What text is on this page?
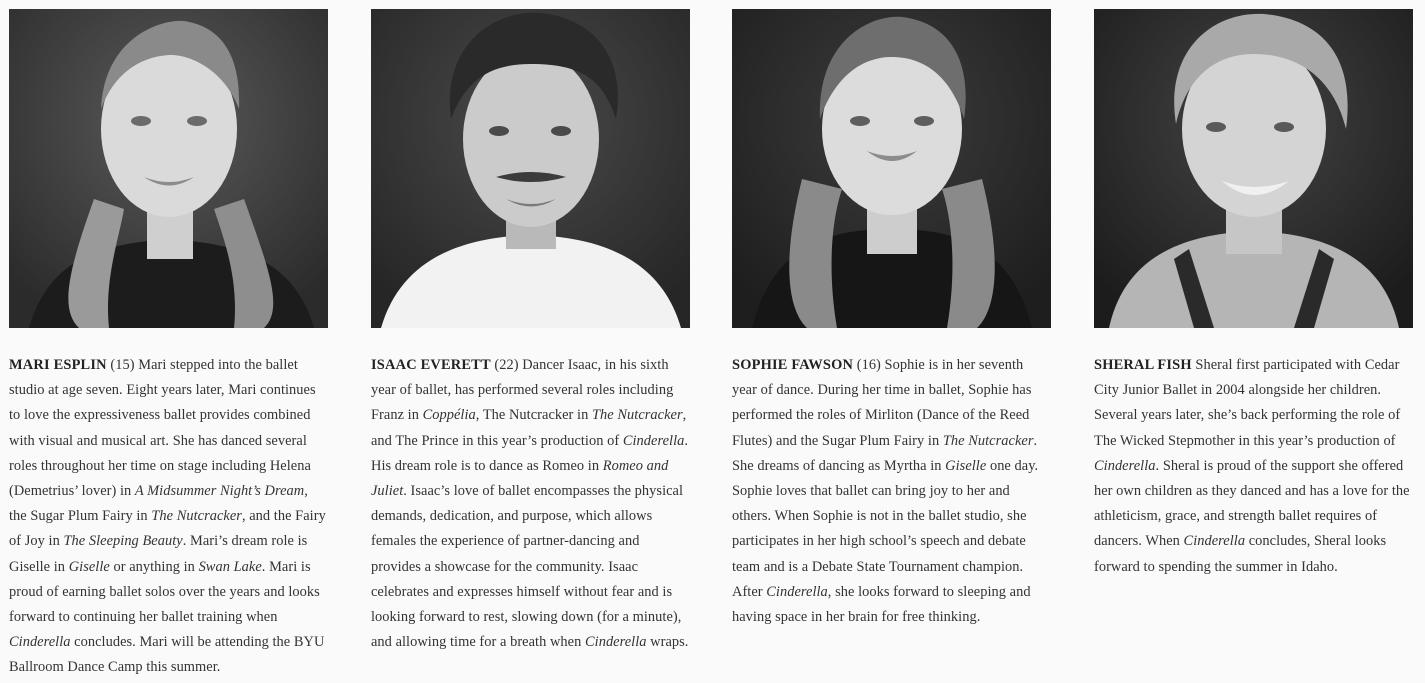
MARI ESPLIN (15) Mari stepped into the ballet studio at age seven. Eight years later, Mari continues to love the expressiveness ballet provides combined with visual and musical art. She has danced several roles throughout her time on stage including Helena (Demetrius’ lover) in A Midsummer Night’s Dream, the Sugar Plum Fairy in The Nutcracker, and the Fairy of Joy in The Sleeping Beauty. Mari’s dream role is Giselle in Giselle or anything in Swan Lake. Mari is proud of earning ballet solos over the years and looks forward to continuing her ballet training when Cinderella concludes. Mari will be attending the BYU Ballroom Dance Camp this summer.

ISAAC EVERETT (22) Dancer Isaac, in his sixth year of ballet, has performed several roles including Franz in Coppélia, The Nutcracker in The Nutcracker, and The Prince in this year’s production of Cinderella. His dream role is to dance as Romeo in Romeo and Juliet. Isaac’s love of ballet encompasses the physical demands, dedication, and purpose, which allows females the experience of partner-dancing and provides a showcase for the community. Isaac celebrates and expresses himself without fear and is looking forward to rest, slowing down (for a minute), and allowing time for a breath when Cinderella wraps.

SOPHIE FAWSON (16) Sophie is in her seventh year of dance. During her time in ballet, Sophie has performed the roles of Mirliton (Dance of the Reed Flutes) and the Sugar Plum Fairy in The Nutcracker. She dreams of dancing as Myrtha in Giselle one day. Sophie loves that ballet can bring joy to her and others. When Sophie is not in the ballet studio, she participates in her high school’s speech and debate team and is a Debate State Tournament champion. After Cinderella, she looks forward to sleeping and having space in her brain for free thinking.

SHERAL FISH Sheral first participated with Cedar City Junior Ballet in 2004 alongside her children. Several years later, she’s back performing the role of The Wicked Stepmother in this year’s production of Cinderella. Sheral is proud of the support she offered her own children as they danced and has a love for the athleticism, grace, and strength ballet requires of dancers. When Cinderella concludes, Sheral looks forward to spending the summer in Idaho.
